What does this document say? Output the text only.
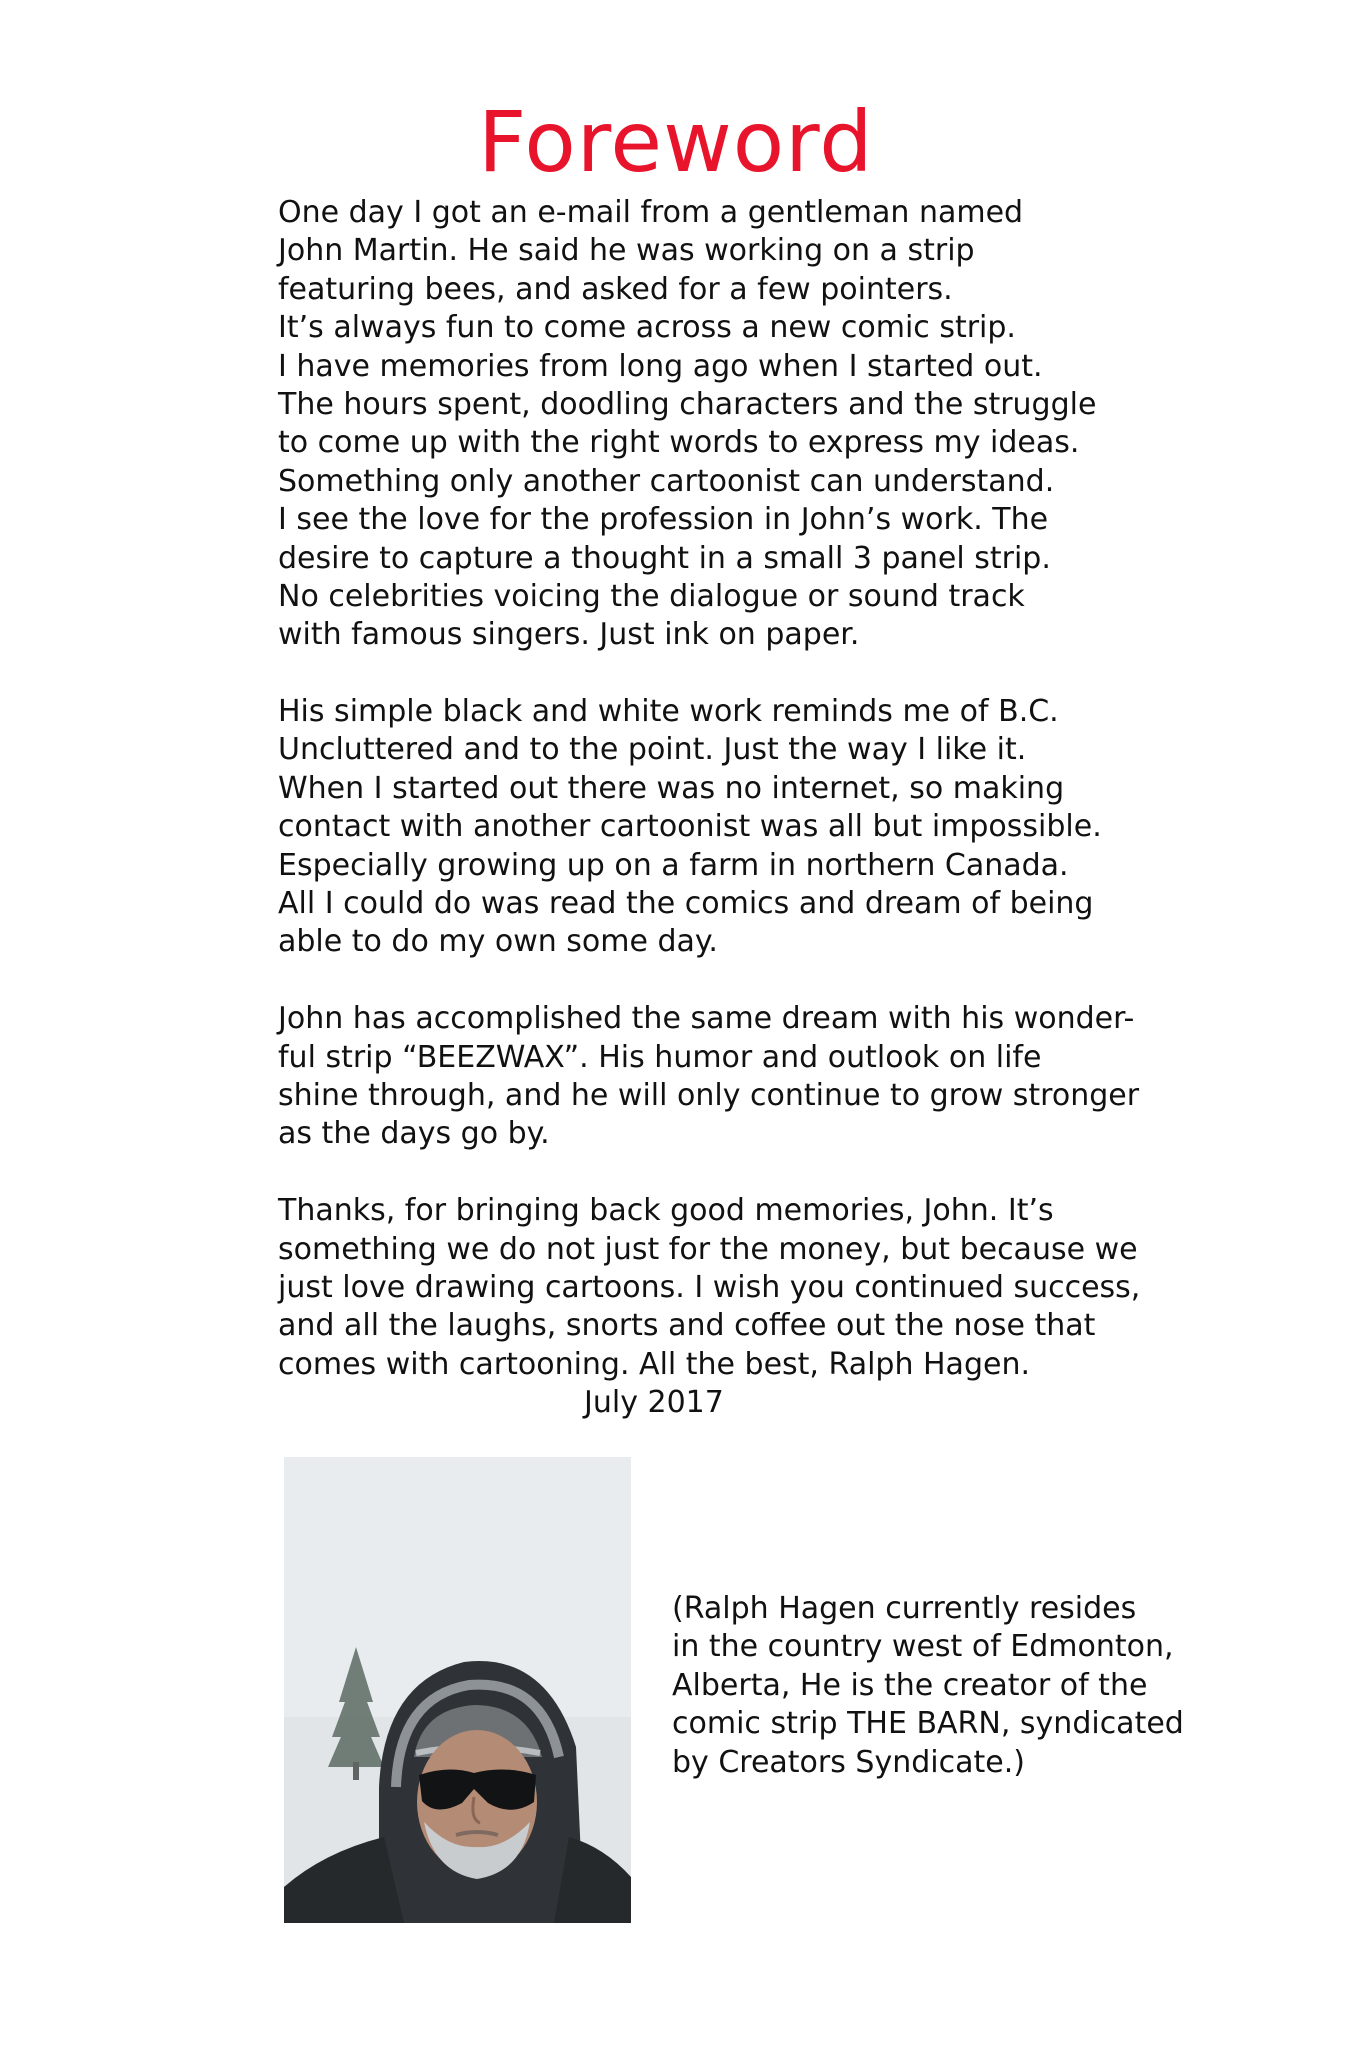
Foreword
One day I got an e-mail from a gentleman named
John Martin. He said he was working on a strip
featuring bees, and asked for a few pointers.
It’s always fun to come across a new comic strip.
I have memories from long ago when I started out.
The hours spent, doodling characters and the struggle
to come up with the right words to express my ideas.
Something only another cartoonist can understand.
I see the love for the profession in John’s work. The
desire to capture a thought in a small 3 panel strip.
No celebrities voicing the dialogue or sound track
with famous singers. Just ink on paper.
His simple black and white work reminds me of B.C.
Uncluttered and to the point. Just the way I like it.
When I started out there was no internet, so making
contact with another cartoonist was all but impossible.
Especially growing up on a farm in northern Canada.
All I could do was read the comics and dream of being
able to do my own some day.
John has accomplished the same dream with his wonder-
ful strip “BEEZWAX”. His humor and outlook on life
shine through, and he will only continue to grow stronger
as the days go by.
Thanks, for bringing back good memories, John. It’s
something we do not just for the money, but because we
just love drawing cartoons. I wish you continued success,
and all the laughs, snorts and coffee out the nose that
comes with cartooning. All the best, Ralph Hagen.
July 2017
(Ralph Hagen currently resides
in the country west of Edmonton,
Alberta, He is the creator of the
comic strip THE BARN, syndicated
by Creators Syndicate.)
